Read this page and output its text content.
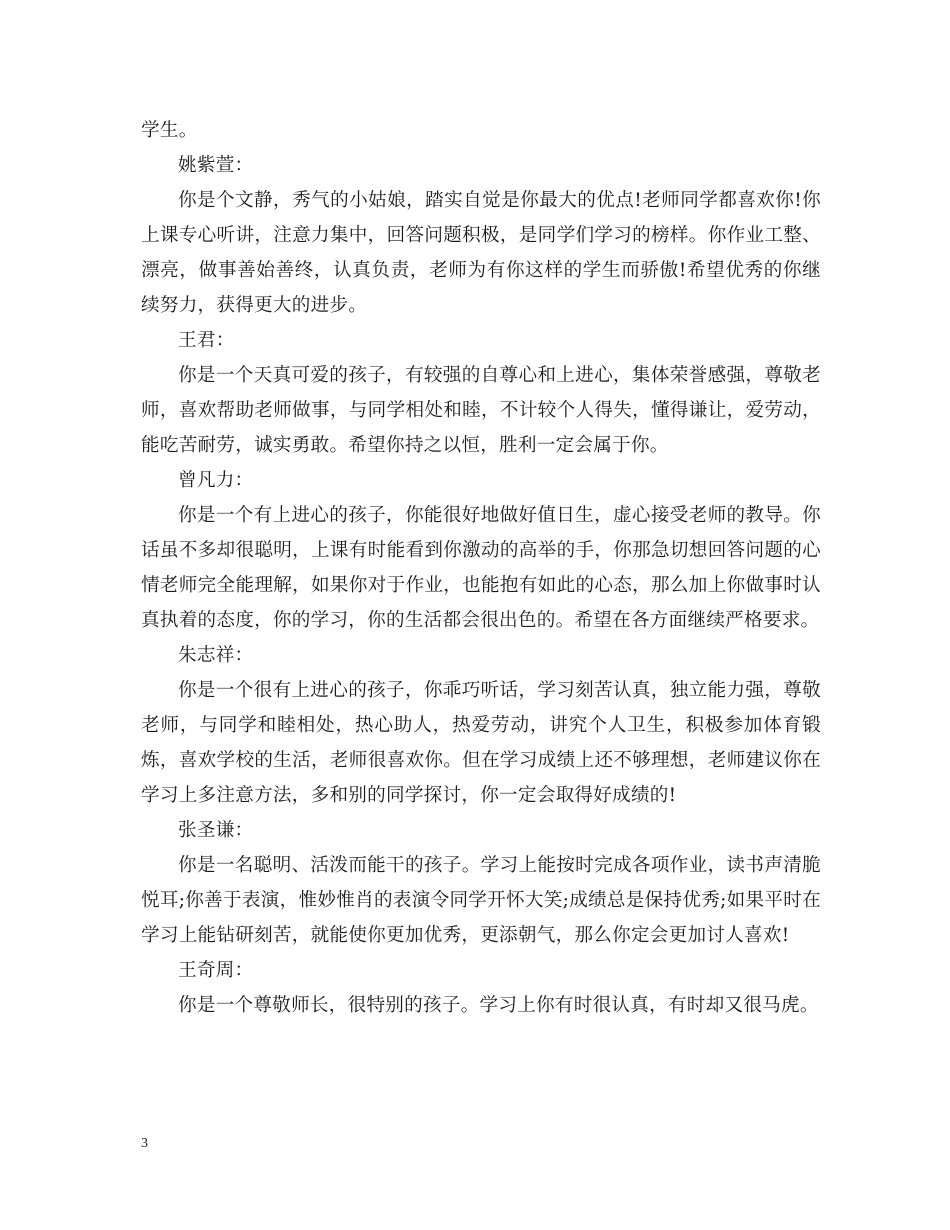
学生。

姚紫萱：

你是个文静，秀气的小姑娘，踏实自觉是你最大的优点!老师同学都喜欢你!你上课专心听讲，注意力集中，回答问题积极，是同学们学习的榜样。你作业工整、漂亮，做事善始善终，认真负责，老师为有你这样的学生而骄傲!希望优秀的你继续努力，获得更大的进步。

王君：

你是一个天真可爱的孩子，有较强的自尊心和上进心，集体荣誉感强，尊敬老师，喜欢帮助老师做事，与同学相处和睦，不计较个人得失，懂得谦让，爱劳动，能吃苦耐劳，诚实勇敢。希望你持之以恒，胜利一定会属于你。

曾凡力：

你是一个有上进心的孩子，你能很好地做好值日生，虚心接受老师的教导。你话虽不多却很聪明，上课有时能看到你激动的高举的手，你那急切想回答问题的心情老师完全能理解，如果你对于作业，也能抱有如此的心态，那么加上你做事时认真执着的态度，你的学习，你的生活都会很出色的。希望在各方面继续严格要求。

朱志祥：

你是一个很有上进心的孩子，你乖巧听话，学习刻苦认真，独立能力强，尊敬老师，与同学和睦相处，热心助人，热爱劳动，讲究个人卫生，积极参加体育锻炼，喜欢学校的生活，老师很喜欢你。但在学习成绩上还不够理想，老师建议你在学习上多注意方法，多和别的同学探讨，你一定会取得好成绩的!

张圣谦：

你是一名聪明、活泼而能干的孩子。学习上能按时完成各项作业，读书声清脆悦耳;你善于表演，惟妙惟肖的表演令同学开怀大笑;成绩总是保持优秀;如果平时在学习上能钻研刻苦，就能使你更加优秀，更添朝气，那么你定会更加讨人喜欢!

王奇周：

你是一个尊敬师长，很特别的孩子。学习上你有时很认真，有时却又很马虎。

3
